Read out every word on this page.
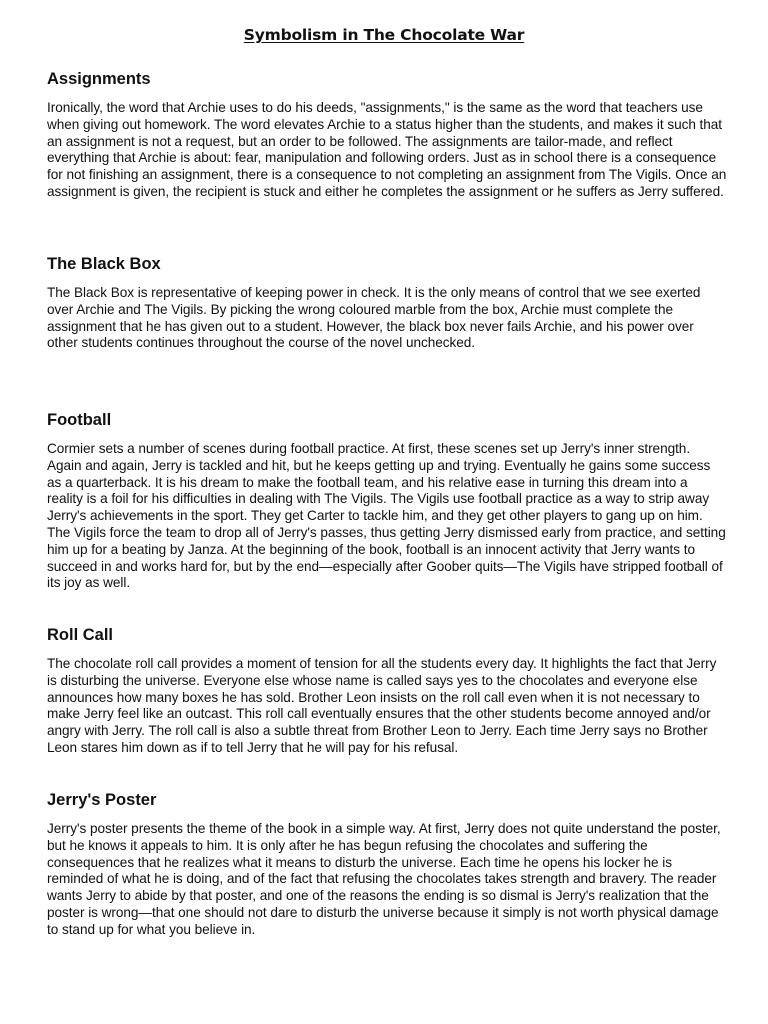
Symbolism in The Chocolate War
Assignments

Ironically, the word that Archie uses to do his deeds, "assignments," is the same as the word that teachers use when giving out homework. The word elevates Archie to a status higher than the students, and makes it such that an assignment is not a request, but an order to be followed. The assignments are tailor-made, and reflect everything that Archie is about: fear, manipulation and following orders. Just as in school there is a consequence for not finishing an assignment, there is a consequence to not completing an assignment from The Vigils. Once an assignment is given, the recipient is stuck and either he completes the assignment or he suffers as Jerry suffered.

The Black Box

The Black Box is representative of keeping power in check. It is the only means of control that we see exerted over Archie and The Vigils. By picking the wrong coloured marble from the box, Archie must complete the assignment that he has given out to a student. However, the black box never fails Archie, and his power over other students continues throughout the course of the novel unchecked.

Football

Cormier sets a number of scenes during football practice. At first, these scenes set up Jerry's inner strength. Again and again, Jerry is tackled and hit, but he keeps getting up and trying. Eventually he gains some success as a quarterback. It is his dream to make the football team, and his relative ease in turning this dream into a reality is a foil for his difficulties in dealing with The Vigils. The Vigils use football practice as a way to strip away Jerry's achievements in the sport. They get Carter to tackle him, and they get other players to gang up on him. The Vigils force the team to drop all of Jerry's passes, thus getting Jerry dismissed early from practice, and setting him up for a beating by Janza. At the beginning of the book, football is an innocent activity that Jerry wants to succeed in and works hard for, but by the end—especially after Goober quits—The Vigils have stripped football of its joy as well.

Roll Call

The chocolate roll call provides a moment of tension for all the students every day. It highlights the fact that Jerry is disturbing the universe. Everyone else whose name is called says yes to the chocolates and everyone else announces how many boxes he has sold. Brother Leon insists on the roll call even when it is not necessary to make Jerry feel like an outcast. This roll call eventually ensures that the other students become annoyed and/or angry with Jerry. The roll call is also a subtle threat from Brother Leon to Jerry. Each time Jerry says no Brother Leon stares him down as if to tell Jerry that he will pay for his refusal.

Jerry's Poster

Jerry's poster presents the theme of the book in a simple way. At first, Jerry does not quite understand the poster, but he knows it appeals to him. It is only after he has begun refusing the chocolates and suffering the consequences that he realizes what it means to disturb the universe. Each time he opens his locker he is reminded of what he is doing, and of the fact that refusing the chocolates takes strength and bravery. The reader wants Jerry to abide by that poster, and one of the reasons the ending is so dismal is Jerry's realization that the poster is wrong—that one should not dare to disturb the universe because it simply is not worth physical damage to stand up for what you believe in.
